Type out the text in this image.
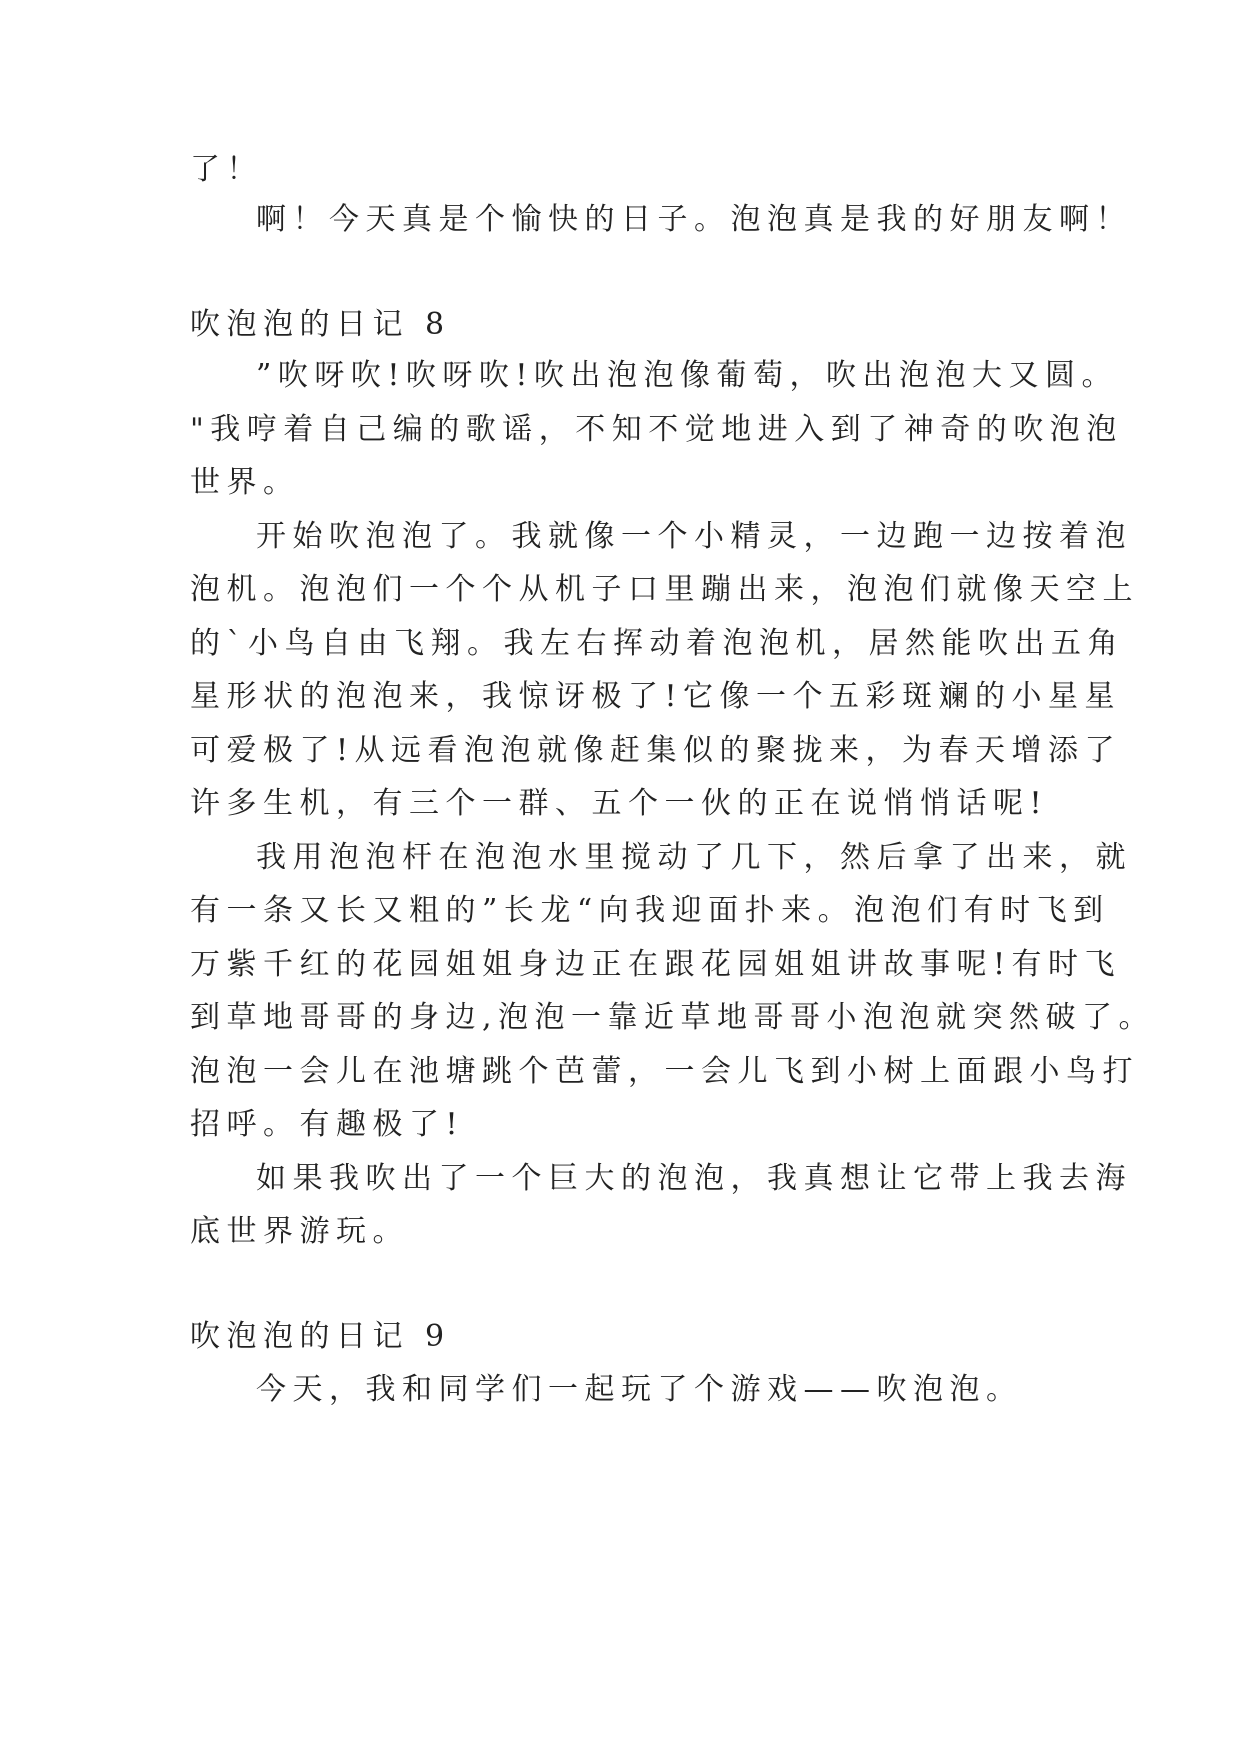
了！
啊！今天真是个愉快的日子。泡泡真是我的好朋友啊！
吹泡泡的日记 8
”吹呀吹!吹呀吹!吹出泡泡像葡萄，吹出泡泡大又圆。
"我哼着自己编的歌谣，不知不觉地进入到了神奇的吹泡泡
世界。
开始吹泡泡了。我就像一个小精灵，一边跑一边按着泡
泡机。泡泡们一个个从机子口里蹦出来，泡泡们就像天空上
的`小鸟自由飞翔。我左右挥动着泡泡机，居然能吹出五角
星形状的泡泡来，我惊讶极了!它像一个五彩斑斓的小星星
可爱极了!从远看泡泡就像赶集似的聚拢来，为春天增添了
许多生机，有三个一群、五个一伙的正在说悄悄话呢!
我用泡泡杆在泡泡水里搅动了几下，然后拿了出来，就
有一条又长又粗的”长龙“向我迎面扑来。泡泡们有时飞到
万紫千红的花园姐姐身边正在跟花园姐姐讲故事呢!有时飞
到草地哥哥的身边,泡泡一靠近草地哥哥小泡泡就突然破了。
泡泡一会儿在池塘跳个芭蕾，一会儿飞到小树上面跟小鸟打
招呼。有趣极了!
如果我吹出了一个巨大的泡泡，我真想让它带上我去海
底世界游玩。
吹泡泡的日记 9
今天，我和同学们一起玩了个游戏——吹泡泡。
